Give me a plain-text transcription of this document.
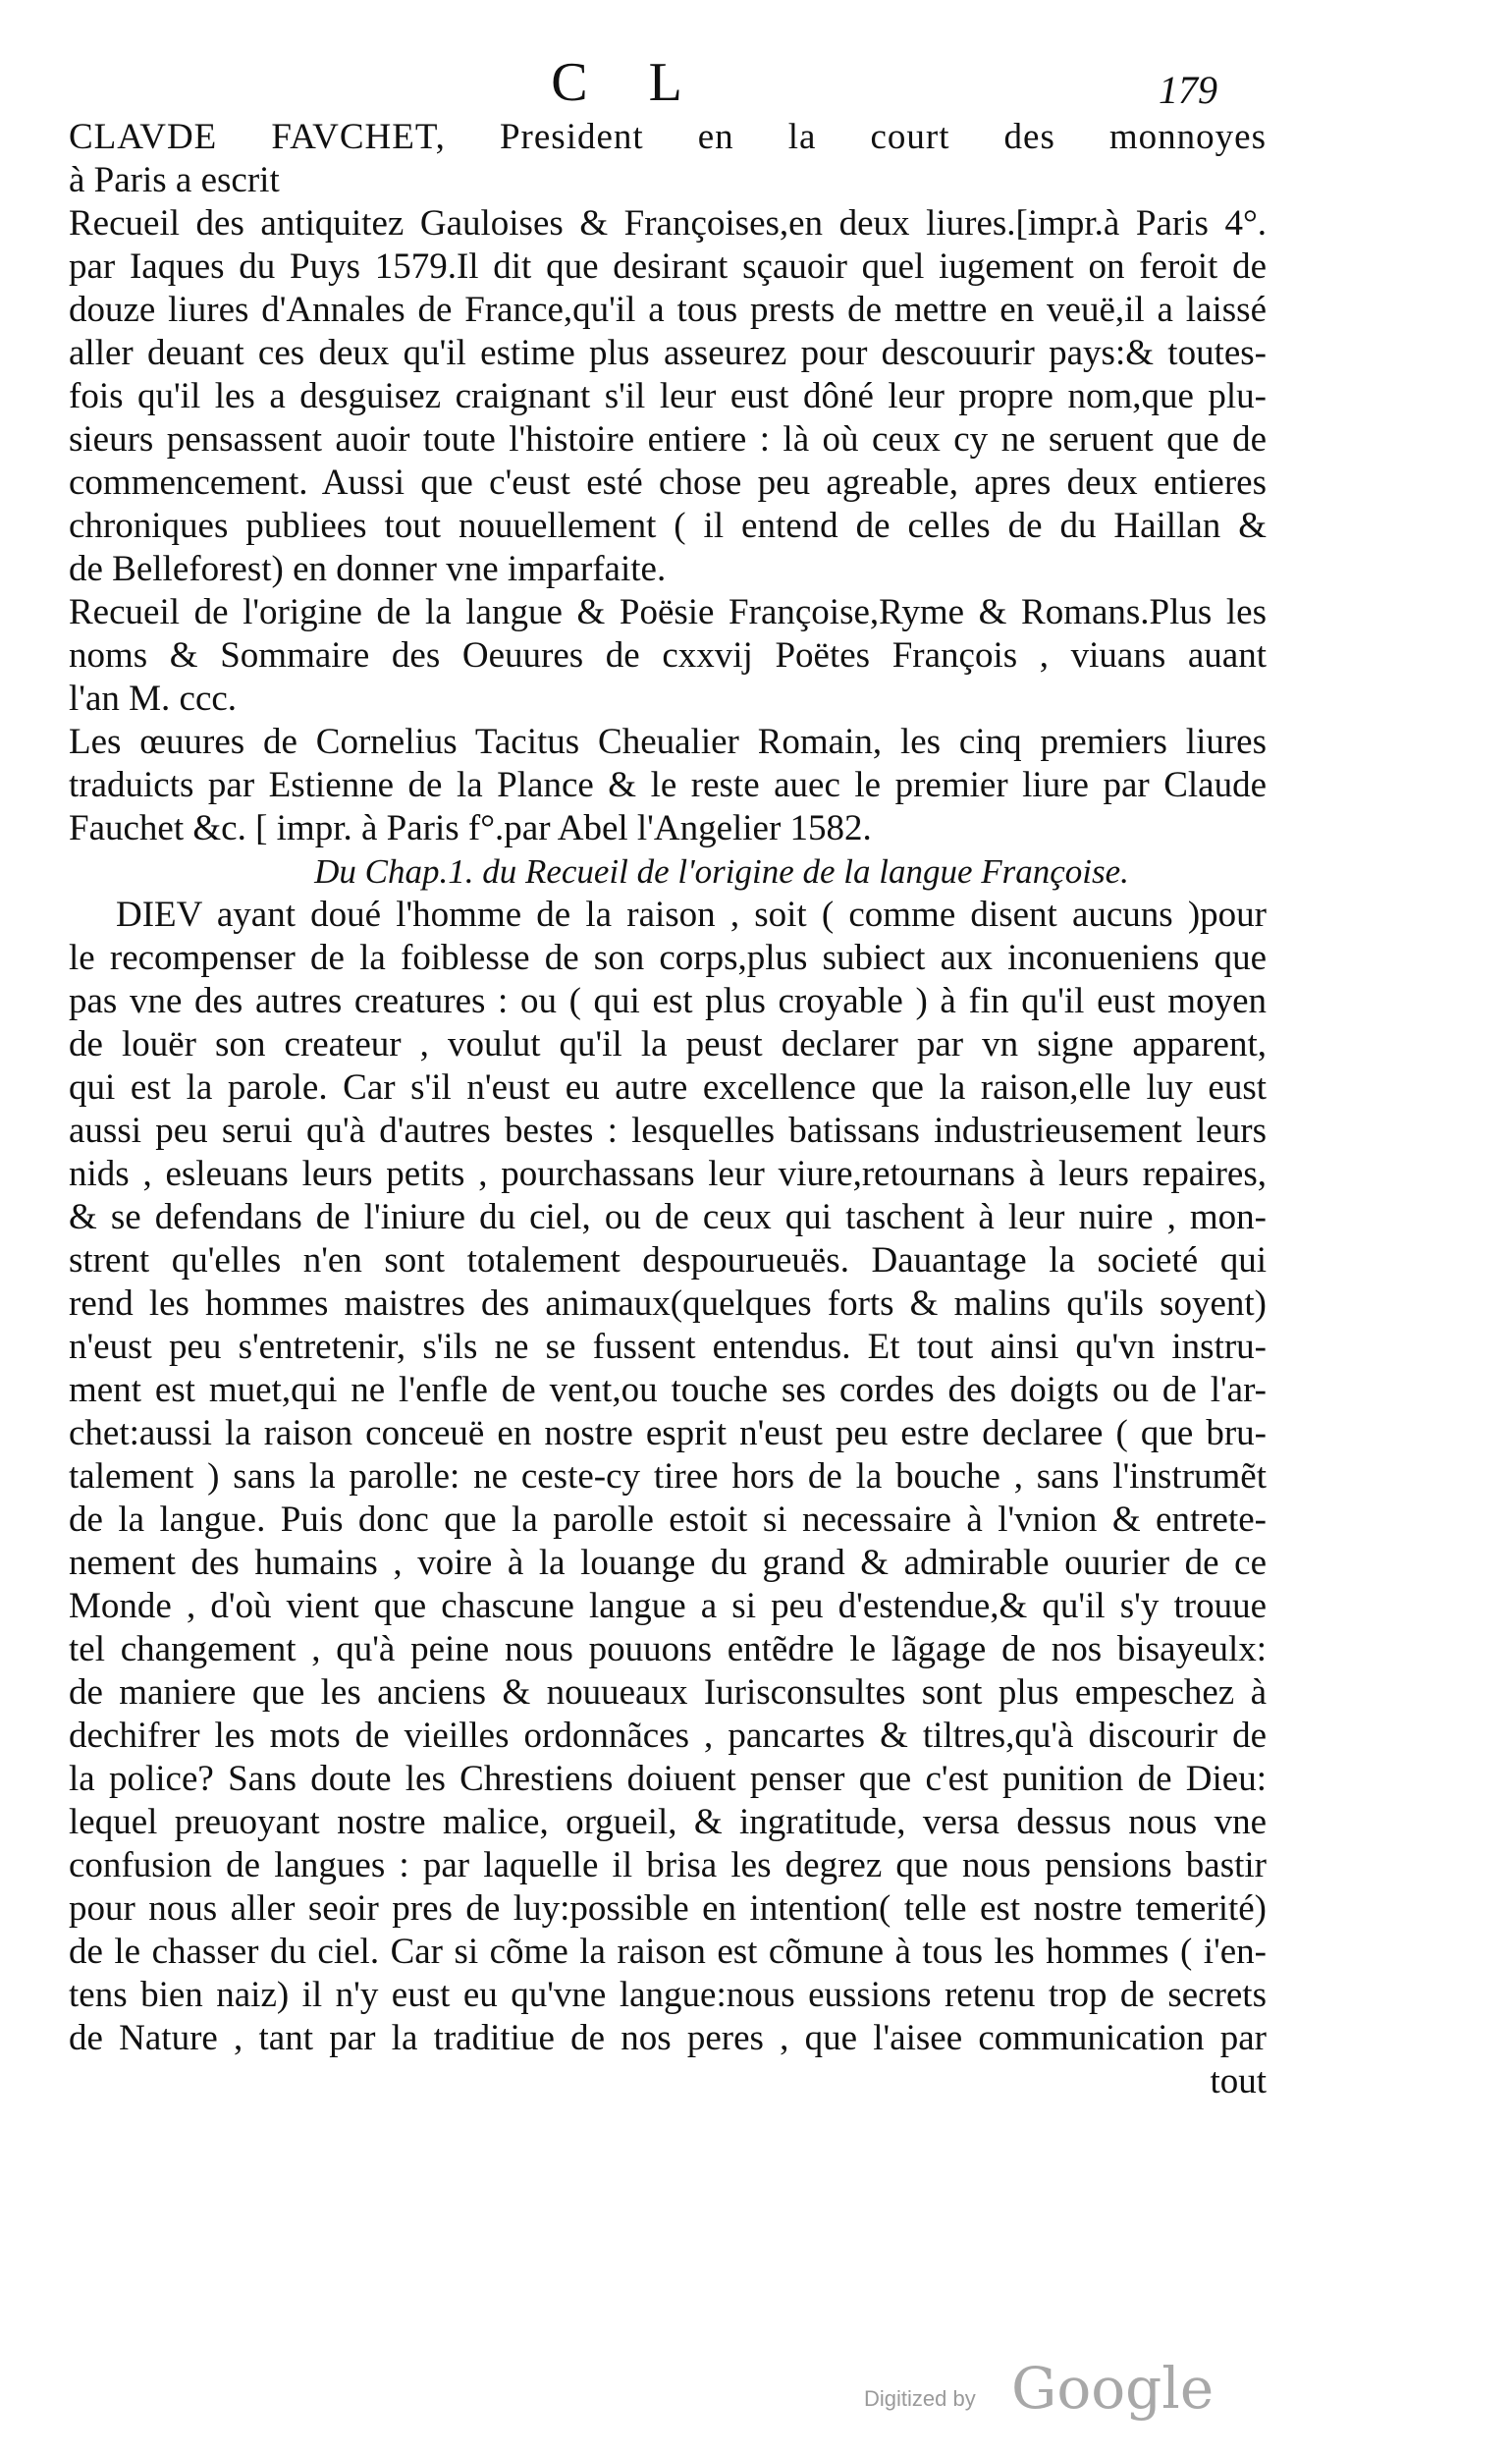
C L	179
CLAVDE FAVCHET, President en la court des monnoyes
à Paris a escrit
Recueil des antiquitez Gauloises & Françoises,en deux liures.[impr.à Paris 4°.
par Iaques du Puys 1579.Il dit que desirant sçauoir quel iugement on feroit de
douze liures d'Annales de France,qu'il a tous prests de mettre en veuë,il a laissé
aller deuant ces deux qu'il estime plus asseurez pour descouurir pays:& toutes-
fois qu'il les a desguisez craignant s'il leur eust dôné leur propre nom,que plu-
sieurs pensassent auoir toute l'histoire entiere : là où ceux cy ne seruent que de
commencement. Aussi que c'eust esté chose peu agreable, apres deux entieres
chroniques publiees tout nouuellement ( il entend de celles de du Haillan &
de Belleforest) en donner vne imparfaite.
Recueil de l'origine de la langue & Poësie Françoise,Ryme & Romans.Plus les
noms & Sommaire des Oeuures de cxxvij Poëtes François , viuans auant
l'an M. ccc.
Les œuures de Cornelius Tacitus Cheualier Romain, les cinq premiers liures
traduicts par Estienne de la Plance & le reste auec le premier liure par Claude
Fauchet &c. [ impr. à Paris f°.par Abel l'Angelier 1582.
Du Chap.1. du Recueil de l'origine de la langue Françoise.
DIEV ayant doué l'homme de la raison , soit ( comme disent aucuns )pour
le recompenser de la foiblesse de son corps,plus subiect aux inconueniens que
pas vne des autres creatures : ou ( qui est plus croyable ) à fin qu'il eust moyen
de louër son createur , voulut qu'il la peust declarer par vn signe apparent,
qui est la parole. Car s'il n'eust eu autre excellence que la raison,elle luy eust
aussi peu serui qu'à d'autres bestes : lesquelles batissans industrieusement leurs
nids , esleuans leurs petits , pourchassans leur viure,retournans à leurs repaires,
& se defendans de l'iniure du ciel, ou de ceux qui taschent à leur nuire , mon-
strent qu'elles n'en sont totalement despourueuës. Dauantage la societé qui
rend les hommes maistres des animaux(quelques forts & malins qu'ils soyent)
n'eust peu s'entretenir, s'ils ne se fussent entendus. Et tout ainsi qu'vn instru-
ment est muet,qui ne l'enfle de vent,ou touche ses cordes des doigts ou de l'ar-
chet:aussi la raison conceuë en nostre esprit n'eust peu estre declaree ( que bru-
talement ) sans la parolle: ne ceste-cy tiree hors de la bouche , sans l'instrumẽt
de la langue. Puis donc que la parolle estoit si necessaire à l'vnion & entrete-
nement des humains , voire à la louange du grand & admirable ouurier de ce
Monde , d'où vient que chascune langue a si peu d'estendue,& qu'il s'y trouue
tel changement , qu'à peine nous pouuons entẽdre le lãgage de nos bisayeulx:
de maniere que les anciens & nouueaux Iurisconsultes sont plus empeschez à
dechifrer les mots de vieilles ordonnãces , pancartes & tiltres,qu'à discourir de
la police? Sans doute les Chrestiens doiuent penser que c'est punition de Dieu:
lequel preuoyant nostre malice, orgueil, & ingratitude, versa dessus nous vne
confusion de langues : par laquelle il brisa les degrez que nous pensions bastir
pour nous aller seoir pres de luy:possible en intention( telle est nostre temerité)
de le chasser du ciel. Car si cõme la raison est cõmune à tous les hommes ( i'en-
tens bien naiz) il n'y eust eu qu'vne langue:nous eussions retenu trop de secrets
de Nature , tant par la traditiue de nos peres , que l'aisee communication par
tout
Digitized by Google
